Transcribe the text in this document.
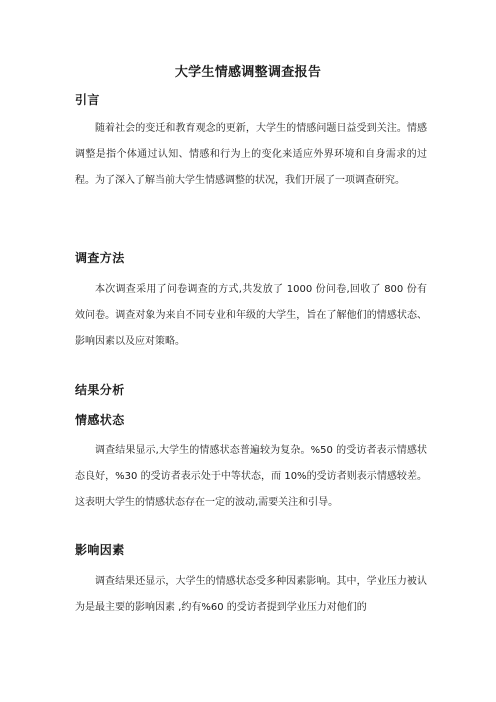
大学生情感调整调查报告
引言

随着社会的变迁和教育观念的更新，大学生的情感问题日益受到关注。情感调整是指个体通过认知、情感和行为上的变化来适应外界环境和自身需求的过程。为了深入了解当前大学生情感调整的状况，我们开展了一项调查研究。

调查方法

本次调查采用了问卷调查的方式,共发放了 1000 份问卷,回收了 800 份有效问卷。调查对象为来自不同专业和年级的大学生，旨在了解他们的情感状态、影响因素以及应对策略。

结果分析
情感状态

调查结果显示,大学生的情感状态普遍较为复杂。%50 的受访者表示情感状态良好，%30 的受访者表示处于中等状态，而 10%的受访者则表示情感较差。这表明大学生的情感状态存在一定的波动,需要关注和引导。

影响因素

调查结果还显示，大学生的情感状态受多种因素影响。其中，学业压力被认为是最主要的影响因素 ,约有%60 的受访者提到学业压力对他们的
